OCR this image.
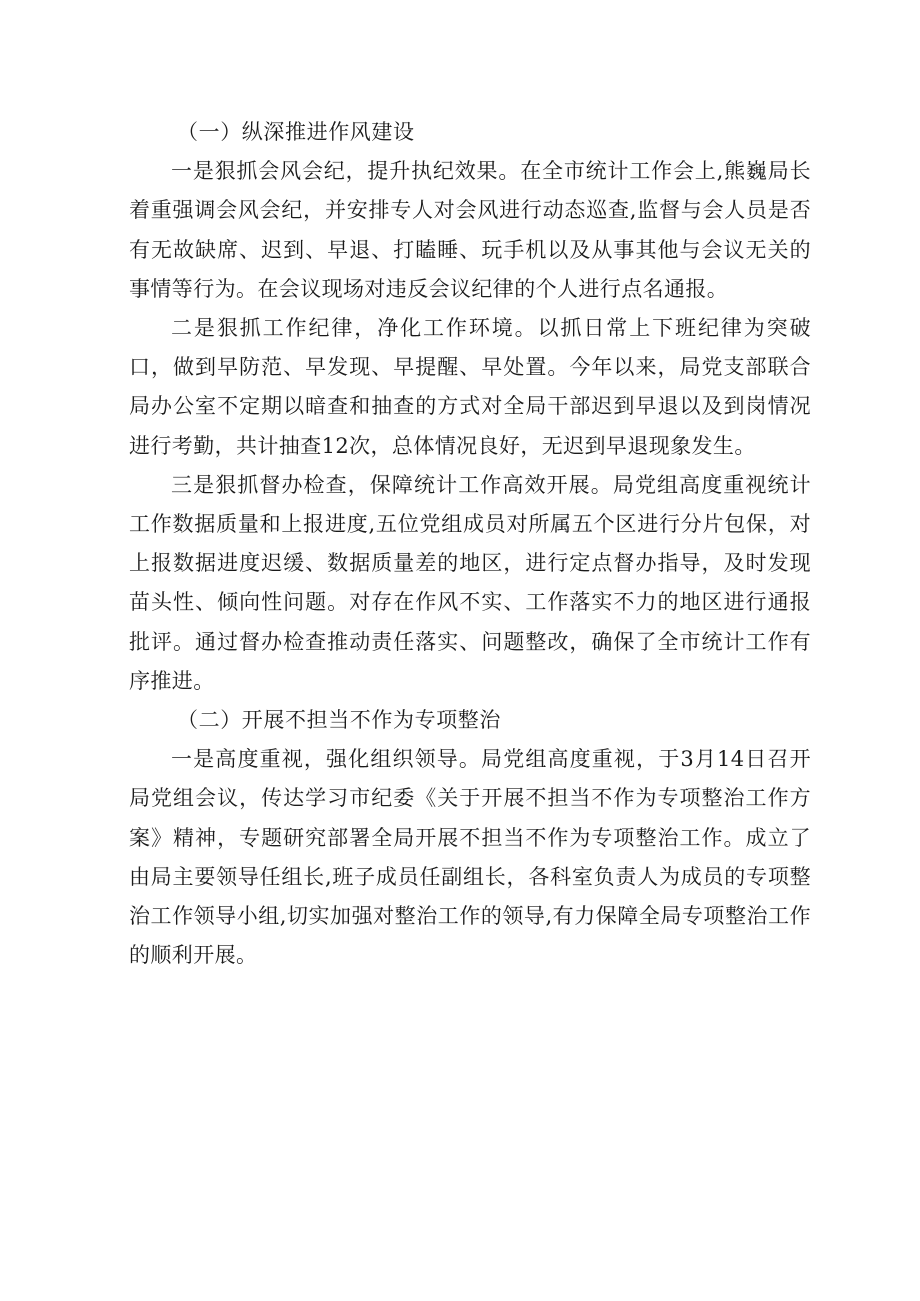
（一）纵深推进作风建设

一是狠抓会风会纪，提升执纪效果。在全市统计工作会上,熊巍局长着重强调会风会纪，并安排专人对会风进行动态巡查,监督与会人员是否有无故缺席、迟到、早退、打瞌睡、玩手机以及从事其他与会议无关的事情等行为。在会议现场对违反会议纪律的个人进行点名通报。

二是狠抓工作纪律，净化工作环境。以抓日常上下班纪律为突破口，做到早防范、早发现、早提醒、早处置。今年以来，局党支部联合局办公室不定期以暗查和抽查的方式对全局干部迟到早退以及到岗情况进行考勤，共计抽查12次，总体情况良好，无迟到早退现象发生。

三是狠抓督办检查，保障统计工作高效开展。局党组高度重视统计工作数据质量和上报进度,五位党组成员对所属五个区进行分片包保，对上报数据进度迟缓、数据质量差的地区，进行定点督办指导，及时发现苗头性、倾向性问题。对存在作风不实、工作落实不力的地区进行通报批评。通过督办检查推动责任落实、问题整改，确保了全市统计工作有序推进。

（二）开展不担当不作为专项整治

一是高度重视，强化组织领导。局党组高度重视，于3月14日召开局党组会议，传达学习市纪委《关于开展不担当不作为专项整治工作方案》精神，专题研究部署全局开展不担当不作为专项整治工作。成立了由局主要领导任组长,班子成员任副组长，各科室负责人为成员的专项整治工作领导小组,切实加强对整治工作的领导,有力保障全局专项整治工作的顺利开展。
